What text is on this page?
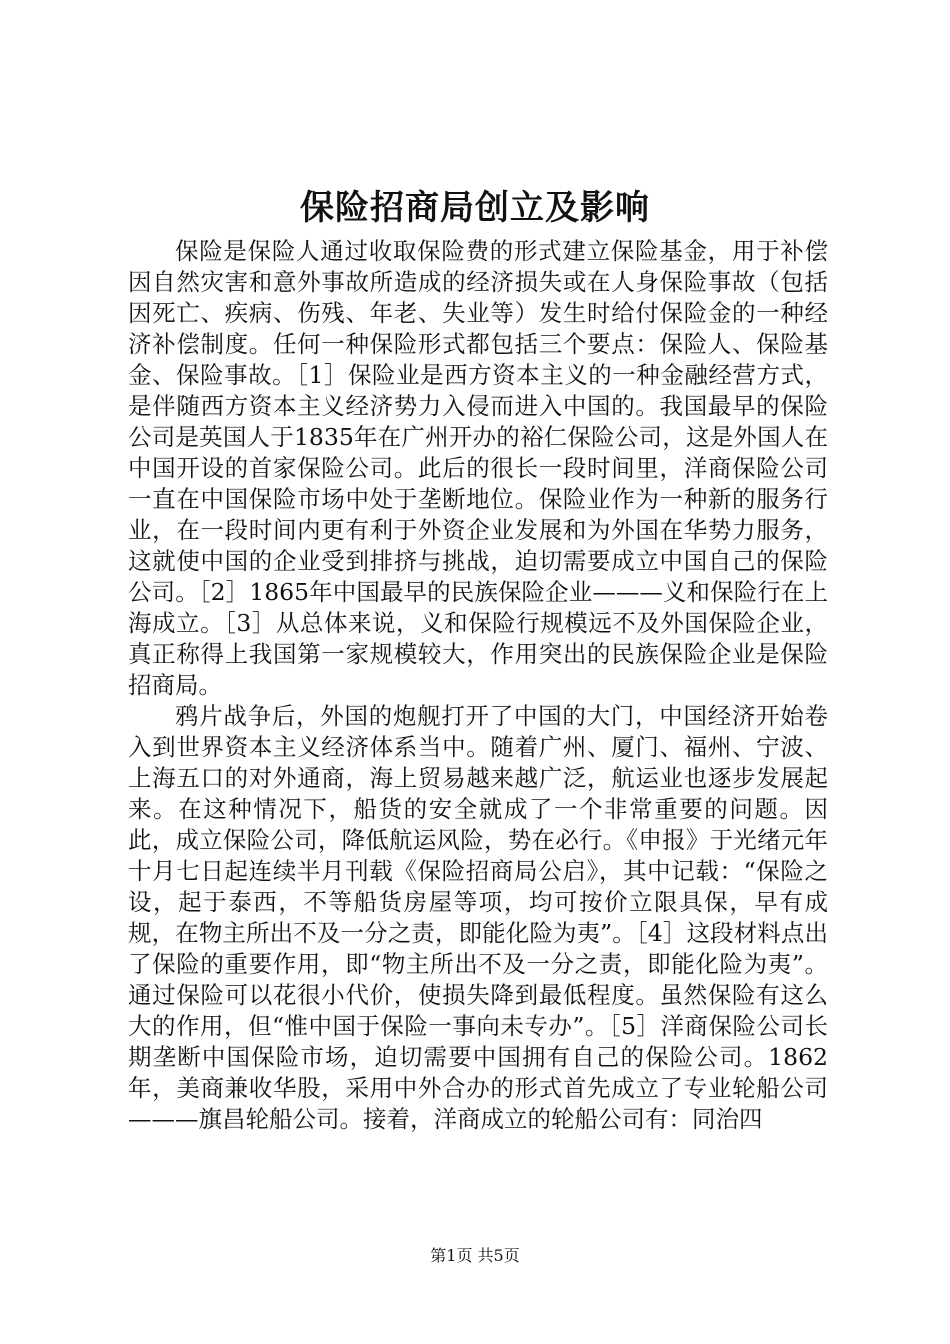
保险招商局创立及影响

保险是保险人通过收取保险费的形式建立保险基金，用于补偿因自然灾害和意外事故所造成的经济损失或在人身保险事故（包括因死亡、疾病、伤残、年老、失业等）发生时给付保险金的一种经济补偿制度。任何一种保险形式都包括三个要点：保险人、保险基金、保险事故。［1］保险业是西方资本主义的一种金融经营方式，是伴随西方资本主义经济势力入侵而进入中国的。我国最早的保险公司是英国人于1835年在广州开办的裕仁保险公司，这是外国人在中国开设的首家保险公司。此后的很长一段时间里，洋商保险公司一直在中国保险市场中处于垄断地位。保险业作为一种新的服务行业，在一段时间内更有利于外资企业发展和为外国在华势力服务，这就使中国的企业受到排挤与挑战，迫切需要成立中国自己的保险公司。［2］1865年中国最早的民族保险企业———义和保险行在上海成立。［3］从总体来说，义和保险行规模远不及外国保险企业，真正称得上我国第一家规模较大，作用突出的民族保险企业是保险招商局。

鸦片战争后，外国的炮舰打开了中国的大门，中国经济开始卷入到世界资本主义经济体系当中。随着广州、厦门、福州、宁波、上海五口的对外通商，海上贸易越来越广泛，航运业也逐步发展起来。在这种情况下，船货的安全就成了一个非常重要的问题。因此，成立保险公司，降低航运风险，势在必行。《申报》于光绪元年十月七日起连续半月刊载《保险招商局公启》，其中记载：“保险之设，起于泰西，不等船货房屋等项，均可按价立限具保，早有成规，在物主所出不及一分之责，即能化险为夷”。［4］这段材料点出了保险的重要作用，即“物主所出不及一分之责，即能化险为夷”。通过保险可以花很小代价，使损失降到最低程度。虽然保险有这么大的作用，但“惟中国于保险一事向未专办”。［5］洋商保险公司长期垄断中国保险市场，迫切需要中国拥有自己的保险公司。1862年，美商兼收华股，采用中外合办的形式首先成立了专业轮船公司———旗昌轮船公司。接着，洋商成立的轮船公司有：同治四

第1页 共5页
